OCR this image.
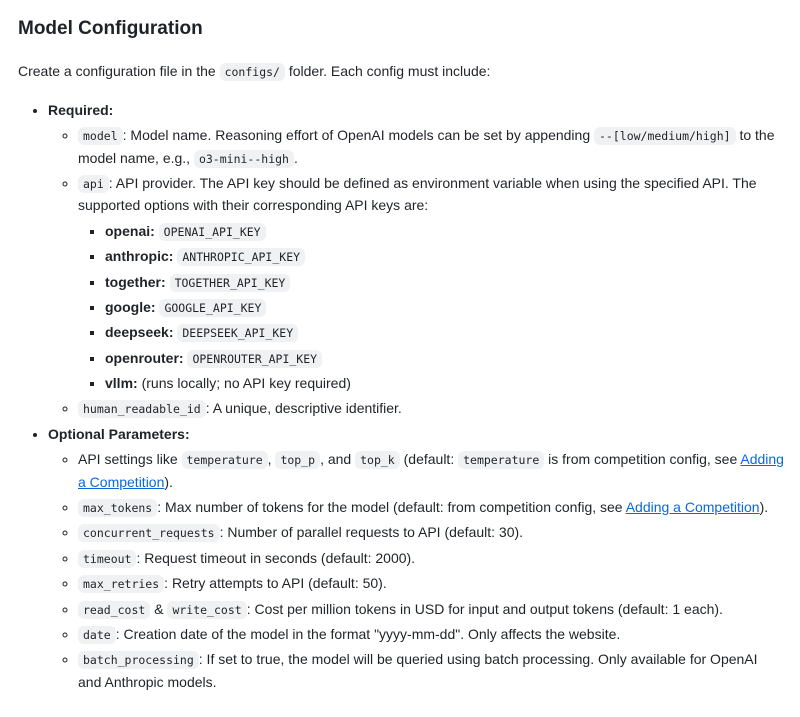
Model Configuration

Create a configuration file in the configs/ folder. Each config must include:

• Required:
◦ model : Model name. Reasoning effort of OpenAI models can be set by appending --[low/medium/high] to the model name, e.g., o3-mini--high .
◦ api : API provider. The API key should be defined as environment variable when using the specified API. The supported options with their corresponding API keys are:
▪ openai: OPENAI_API_KEY
▪ anthropic: ANTHROPIC_API_KEY
▪ together: TOGETHER_API_KEY
▪ google: GOOGLE_API_KEY
▪ deepseek: DEEPSEEK_API_KEY
▪ openrouter: OPENROUTER_API_KEY
▪ vllm: (runs locally; no API key required)
◦ human_readable_id : A unique, descriptive identifier.
• Optional Parameters:
◦ API settings like temperature , top_p , and top_k (default: temperature is from competition config, see Adding a Competition).
◦ max_tokens : Max number of tokens for the model (default: from competition config, see Adding a Competition).
◦ concurrent_requests : Number of parallel requests to API (default: 30).
◦ timeout : Request timeout in seconds (default: 2000).
◦ max_retries : Retry attempts to API (default: 50).
◦ read_cost & write_cost : Cost per million tokens in USD for input and output tokens (default: 1 each).
◦ date : Creation date of the model in the format "yyyy-mm-dd". Only affects the website.
◦ batch_processing : If set to true, the model will be queried using batch processing. Only available for OpenAI and Anthropic models.
